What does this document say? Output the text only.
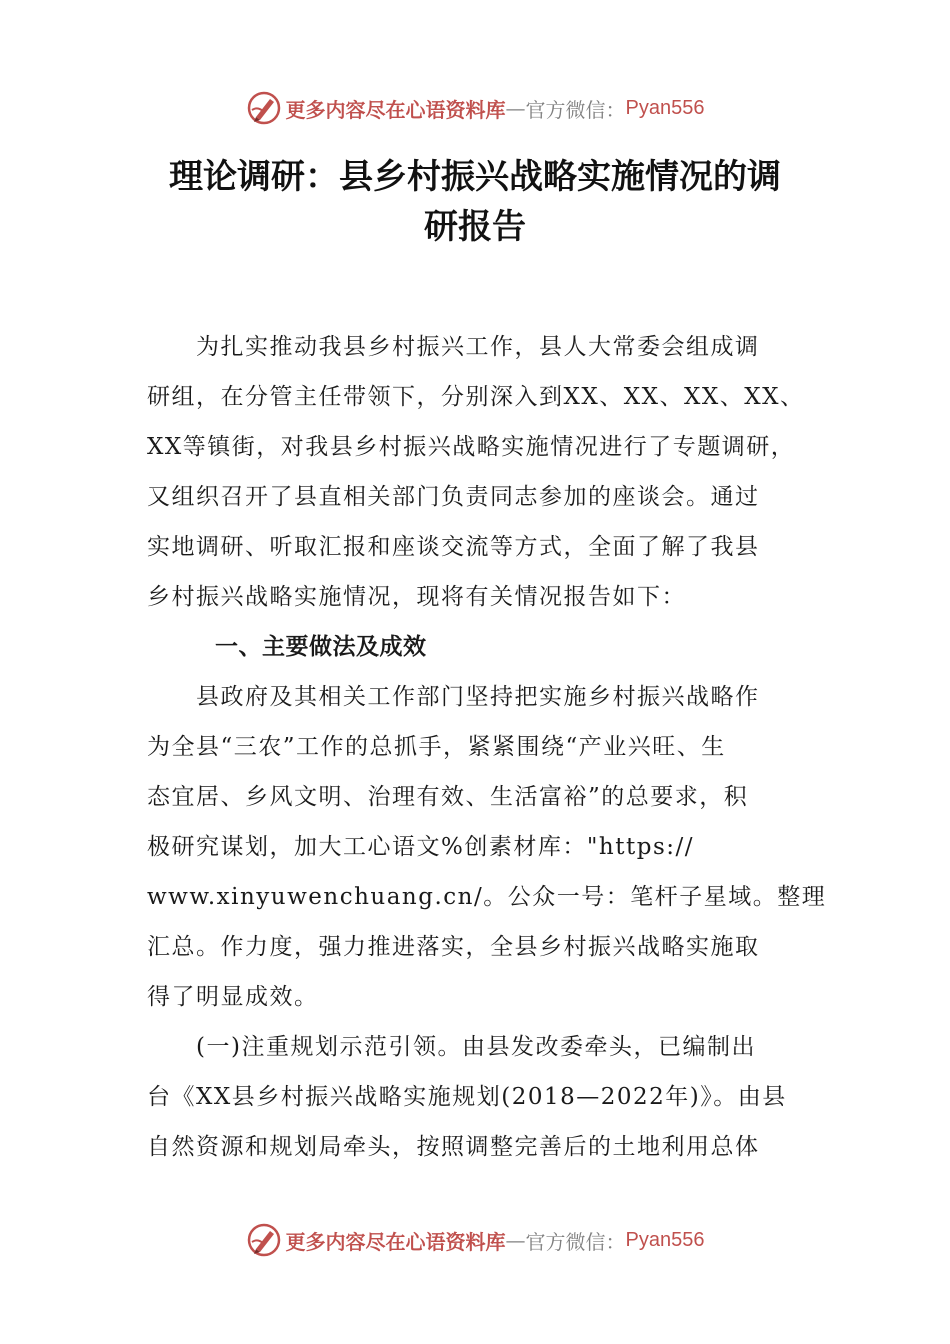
更多内容尽在心语资料库 — 官方微信： Pyan556
理论调研：县乡村振兴战略实施情况的调
研报告
为扎实推动我县乡村振兴工作，县人大常委会组成调
研组，在分管主任带领下，分别深入到XX、XX、XX、XX、
XX等镇街，对我县乡村振兴战略实施情况进行了专题调研，
又组织召开了县直相关部门负责同志参加的座谈会。通过
实地调研、听取汇报和座谈交流等方式，全面了解了我县
乡村振兴战略实施情况，现将有关情况报告如下：
一、主要做法及成效
县政府及其相关工作部门坚持把实施乡村振兴战略作
为全县“三农”工作的总抓手，紧紧围绕“产业兴旺、生
态宜居、乡风文明、治理有效、生活富裕”的总要求，积
极研究谋划，加大工心语文%创素材库："https://
www.xinyuwenchuang.cn/。公众一号：笔杆子星域。整理
汇总。作力度，强力推进落实，全县乡村振兴战略实施取
得了明显成效。
(一)注重规划示范引领。由县发改委牵头，已编制出
台《XX县乡村振兴战略实施规划(2018—2022年)》。由县
自然资源和规划局牵头，按照调整完善后的土地利用总体
更多内容尽在心语资料库 — 官方微信： Pyan556
